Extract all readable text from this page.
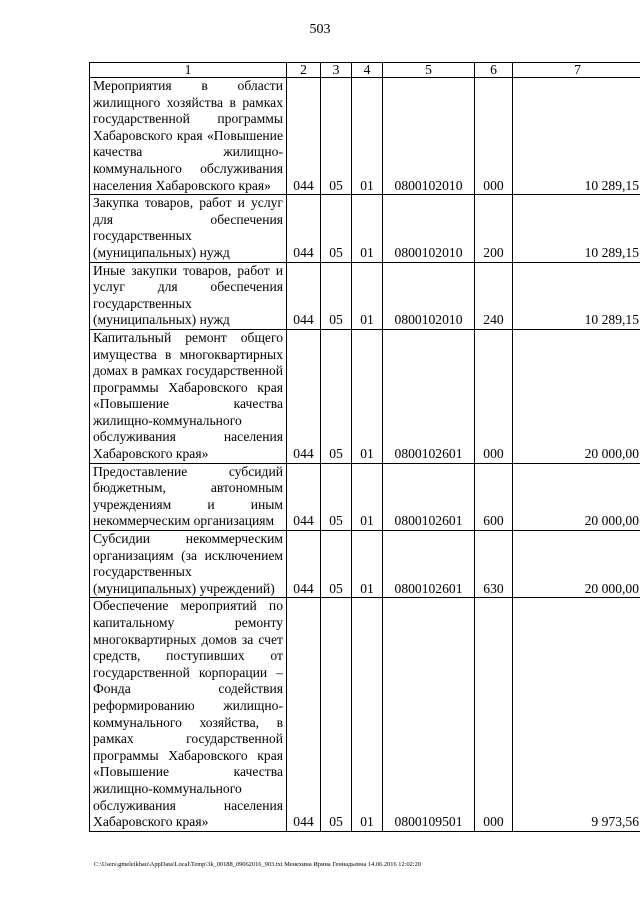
503
1	2	3	4	5	6	7
Мероприятия в области жилищного хозяйства в рамках государственной программы Хабаровского края «Повышение качества жилищно-коммунального обслуживания населения Хабаровского края»	044	05	01	0800102010	000	10 289,15
Закупка товаров, работ и услуг для обеспечения государственных (муниципальных) нужд	044	05	01	0800102010	200	10 289,15
Иные закупки товаров, работ и услуг для обеспечения государственных (муниципальных) нужд	044	05	01	0800102010	240	10 289,15
Капитальный ремонт общего имущества в многоквартирных домах в рамках государственной программы Хабаровского края «Повышение качества жилищно-коммунального обслуживания населения Хабаровского края»	044	05	01	0800102601	000	20 000,00
Предоставление субсидий бюджетным, автономным учреждениям и иным некоммерческим организациям	044	05	01	0800102601	600	20 000,00
Субсидии некоммерческим организациям (за исключением государственных (муниципальных) учреждений)	044	05	01	0800102601	630	20 000,00
Обеспечение мероприятий по капитальному ремонту многоквартирных домов за счет средств, поступивших от государственной корпорации – Фонда содействия реформированию жилищно-коммунального хозяйства, в рамках государственной программы Хабаровского края «Повышение качества жилищно-коммунального обслуживания населения Хабаровского края»	044	05	01	0800109501	000	9 973,56
C:\Users\gmeleikhau\AppData\Local\Temp\3k_00188_09062016_903.txt Менехина Ирина Геннадьевна 14.06.2016 12:02:20
